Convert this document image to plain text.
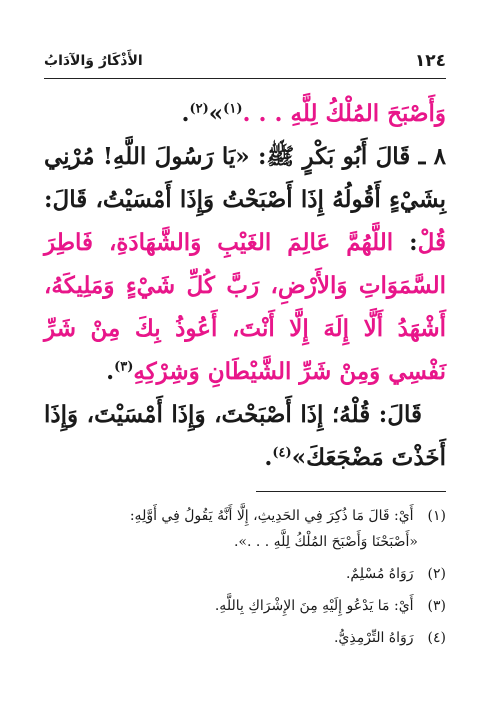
١٢٤
الأَذْكَارُ وَالآدَابُ

وَأَصْبَحَ المُلْكُ لِلَّهِ . . .$^{(١)}$»$^{(٢)}$.

٨ ـ قَالَ أَبُو بَكْرٍ ﷺ: «يَا رَسُولَ اللَّهِ! مُرْنِي بِشَيْءٍ أَقُولُهُ إِذَا أَصْبَحْتُ وَإِذَا أَمْسَيْتُ، قَالَ: قُلْ: اللَّهُمَّ عَالِمَ الغَيْبِ وَالشَّهَادَةِ، فَاطِرَ السَّمَوَاتِ وَالأَرْضِ، رَبَّ كُلِّ شَيْءٍ وَمَلِيكَهُ، أَشْهَدُ أَلَّا إِلَهَ إِلَّا أَنْتَ، أَعُوذُ بِكَ مِنْ شَرِّ نَفْسِي وَمِنْ شَرِّ الشَّيْطَانِ وَشِرْكِهِ$^{(٣)}$.

قَالَ: قُلْهُ؛ إِذَا أَصْبَحْتَ، وَإِذَا أَمْسَيْتَ، وَإِذَا أَخَذْتَ مَضْجَعَكَ»$^{(٤)}$.

(١) أَيْ: قَالَ مَا ذُكِرَ فِي الحَدِيثِ، إِلَّا أَنَّهُ يَقُولُ فِي أَوَّلِهِ:
«أَصْبَحْنَا وَأَصْبَحَ المُلْكُ لِلَّهِ . . .».

(٢) رَوَاهُ مُسْلِمٌ.

(٣) أَيْ: مَا يَدْعُو إِلَيْهِ مِنَ الإِشْرَاكِ بِاللَّهِ.

(٤) رَوَاهُ التِّرْمِذِيُّ.
